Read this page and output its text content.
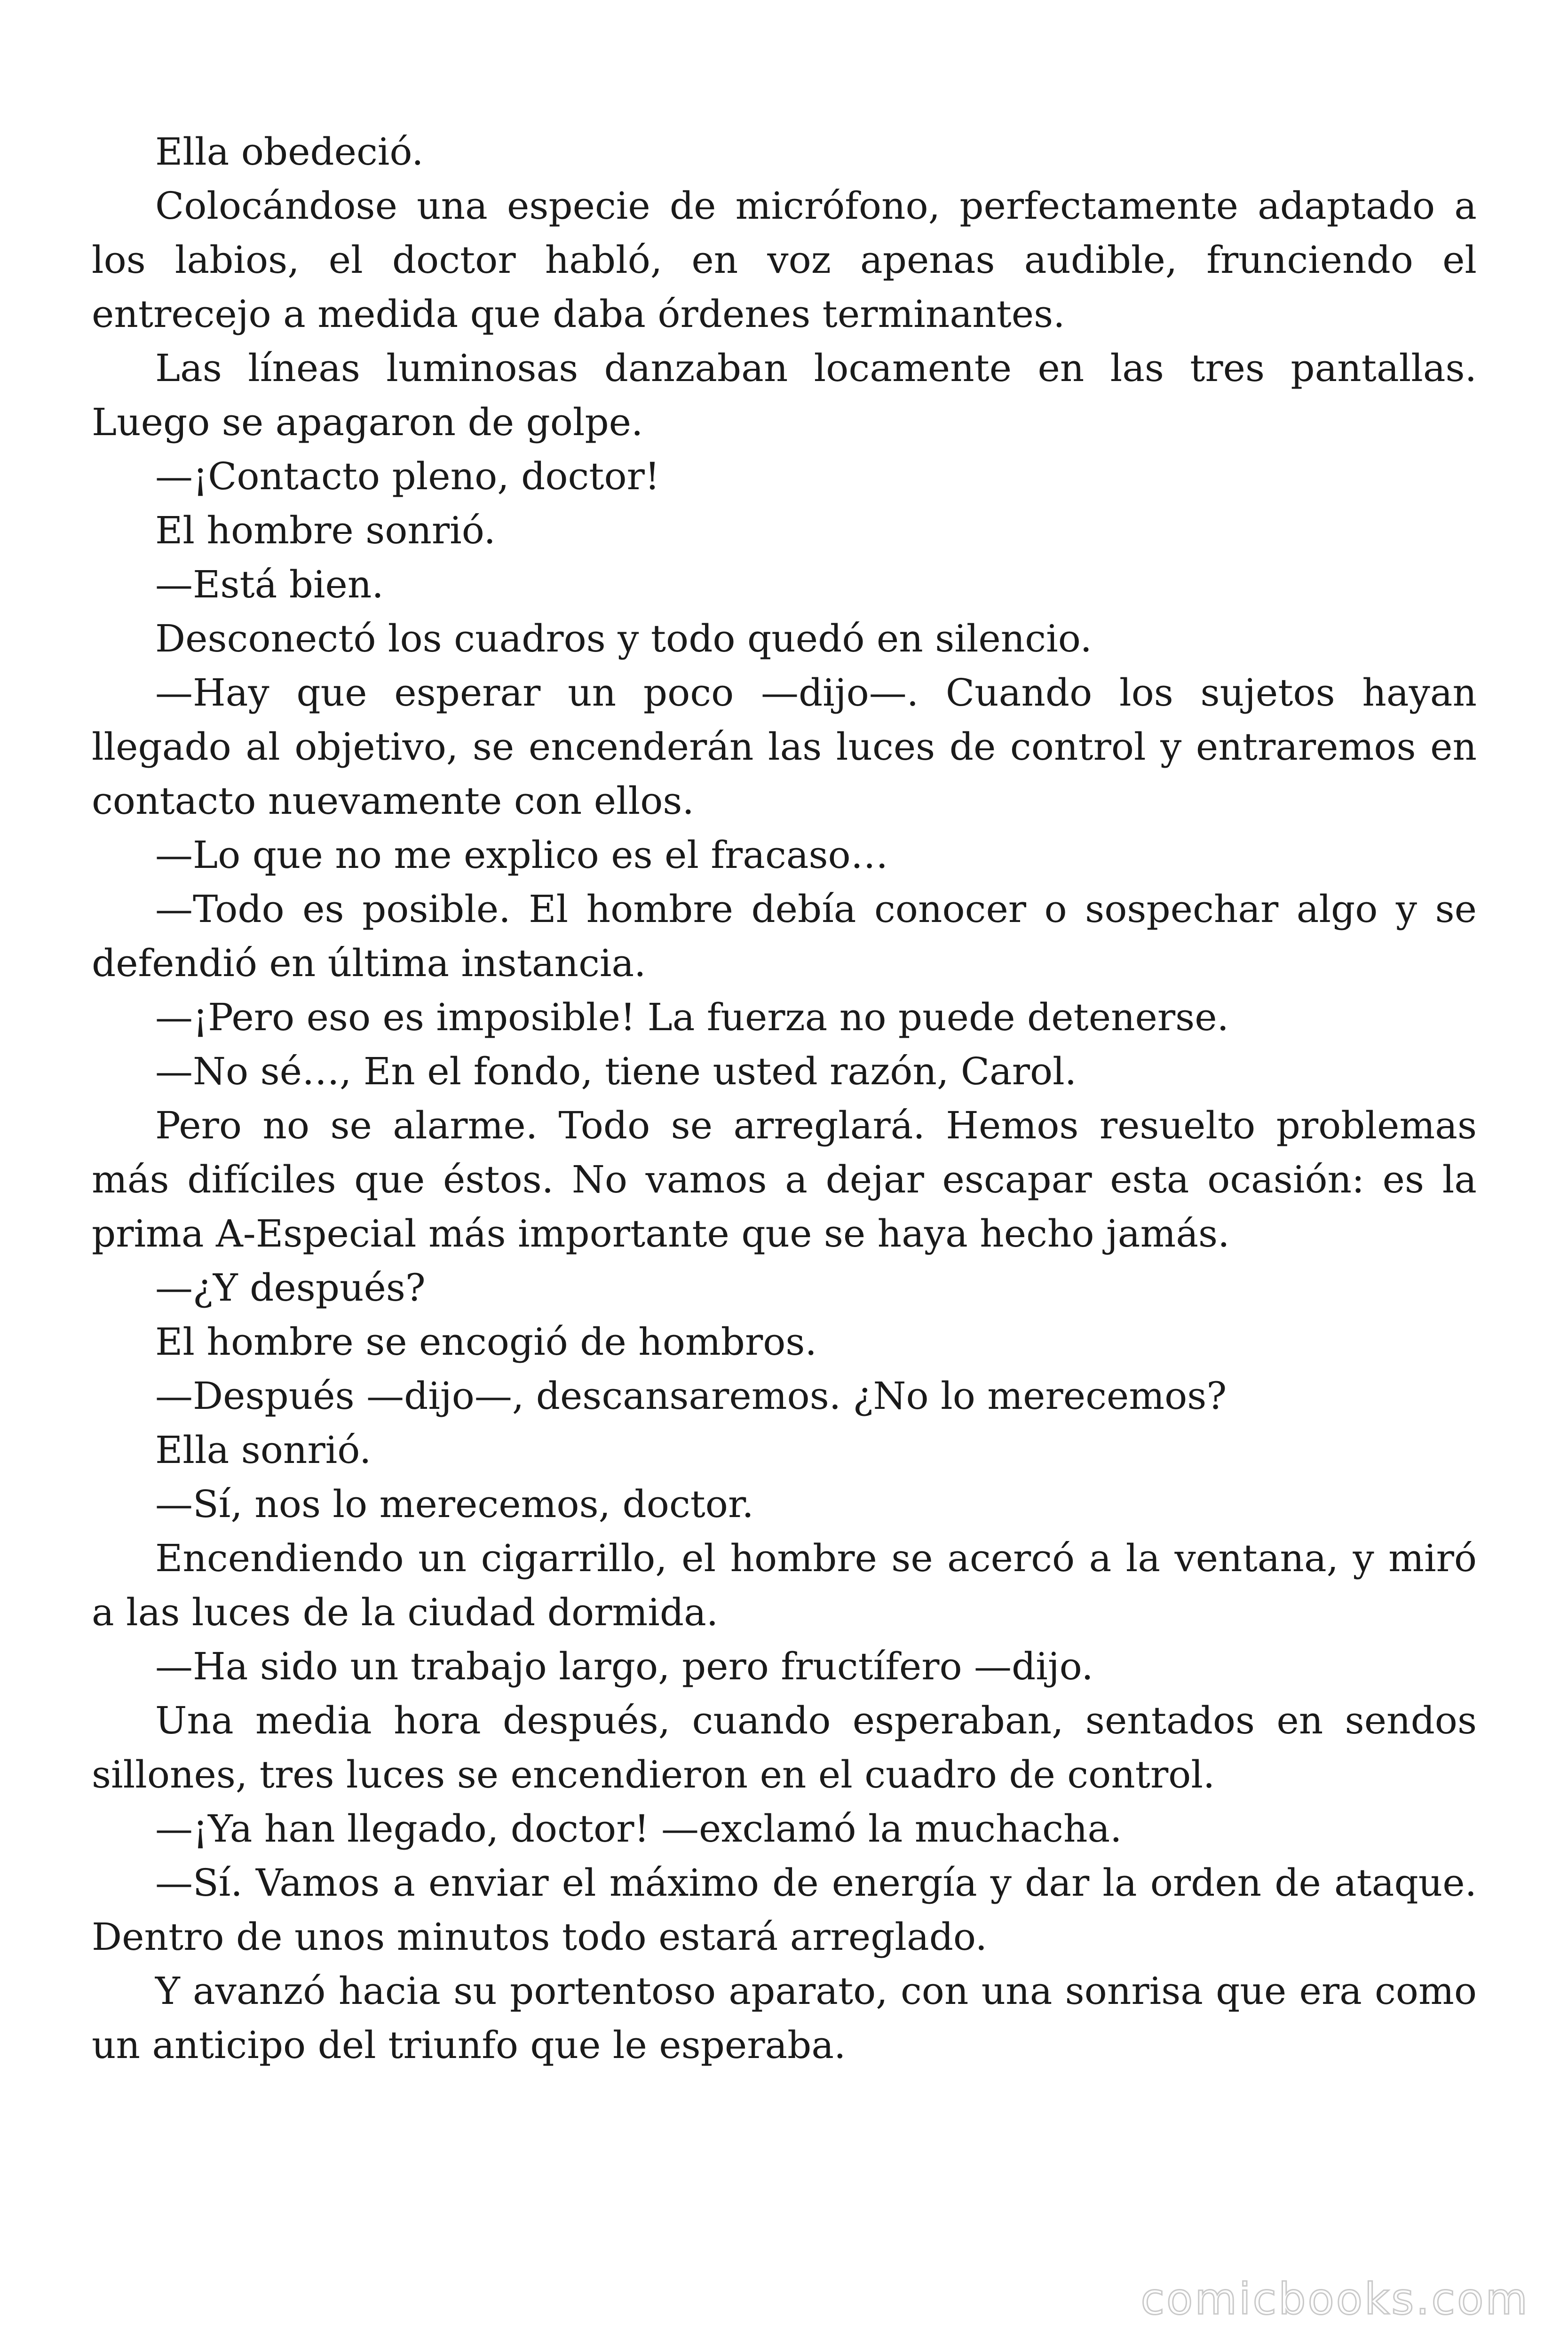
Ella obedeció.

Colocándose una especie de micrófono, perfectamente adaptado a los labios, el doctor habló, en voz apenas audible, frunciendo el entrecejo a medida que daba órdenes terminantes.

Las líneas luminosas danzaban locamente en las tres pantallas. Luego se apagaron de golpe.

—¡Contacto pleno, doctor!

El hombre sonrió.

—Está bien.

Desconectó los cuadros y todo quedó en silencio.

—Hay que esperar un poco —dijo—. Cuando los sujetos hayan llegado al objetivo, se encenderán las luces de control y entraremos en contacto nuevamente con ellos.

—Lo que no me explico es el fracaso…

—Todo es posible. El hombre debía conocer o sospechar algo y se defendió en última instancia.

—¡Pero eso es imposible! La fuerza no puede detenerse.

—No sé…, En el fondo, tiene usted razón, Carol.

Pero no se alarme. Todo se arreglará. Hemos resuelto problemas más difíciles que éstos. No vamos a dejar escapar esta ocasión: es la prima A-Especial más importante que se haya hecho jamás.

—¿Y después?

El hombre se encogió de hombros.

—Después —dijo—, descansaremos. ¿No lo merecemos?

Ella sonrió.

—Sí, nos lo merecemos, doctor.

Encendiendo un cigarrillo, el hombre se acercó a la ventana, y miró a las luces de la ciudad dormida.

—Ha sido un trabajo largo, pero fructífero —dijo.

Una media hora después, cuando esperaban, sentados en sendos sillones, tres luces se encendieron en el cuadro de control.

—¡Ya han llegado, doctor! —exclamó la muchacha.

—Sí. Vamos a enviar el máximo de energía y dar la orden de ataque. Dentro de unos minutos todo estará arreglado.

Y avanzó hacia su portentoso aparato, con una sonrisa que era como un anticipo del triunfo que le esperaba.

comicbooks.com
